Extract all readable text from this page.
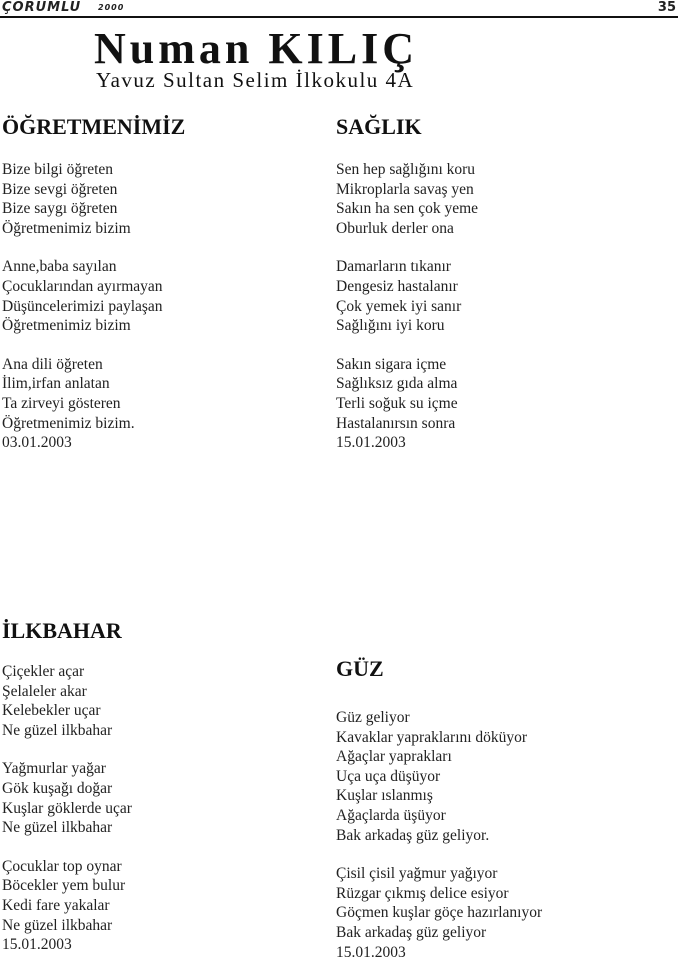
ÇORUMLU 2000	35
Numan KILIÇ
Yavuz Sultan Selim İlkokulu 4A
ÖĞRETMENİMİZ
Bize bilgi öğreten
Bize sevgi öğreten
Bize saygı öğreten
Öğretmenimiz bizim
Anne,baba sayılan
Çocuklarından ayırmayan
Düşüncelerimizi paylaşan
Öğretmenimiz bizim
Ana dili öğreten
İlim,irfan anlatan
Ta zirveyi gösteren
Öğretmenimiz bizim.
03.01.2003
SAĞLIK
Sen hep sağlığını koru
Mikroplarla savaş yen
Sakın ha sen çok yeme
Oburluk derler ona
Damarların tıkanır
Dengesiz hastalanır
Çok yemek iyi sanır
Sağlığını iyi koru
Sakın sigara içme
Sağlıksız gıda alma
Terli soğuk su içme
Hastalanırsın sonra
15.01.2003
İLKBAHAR
Çiçekler açar
Şelaleler akar
Kelebekler uçar
Ne güzel ilkbahar
Yağmurlar yağar
Gök kuşağı doğar
Kuşlar göklerde uçar
Ne güzel ilkbahar
Çocuklar top oynar
Böcekler yem bulur
Kedi fare yakalar
Ne güzel ilkbahar
15.01.2003
GÜZ
Güz geliyor
Kavaklar yapraklarını döküyor
Ağaçlar yaprakları
Uça uça düşüyor
Kuşlar ıslanmış
Ağaçlarda üşüyor
Bak arkadaş güz geliyor.
Çisil çisil yağmur yağıyor
Rüzgar çıkmış delice esiyor
Göçmen kuşlar göçe hazırlanıyor
Bak arkadaş güz geliyor
15.01.2003
